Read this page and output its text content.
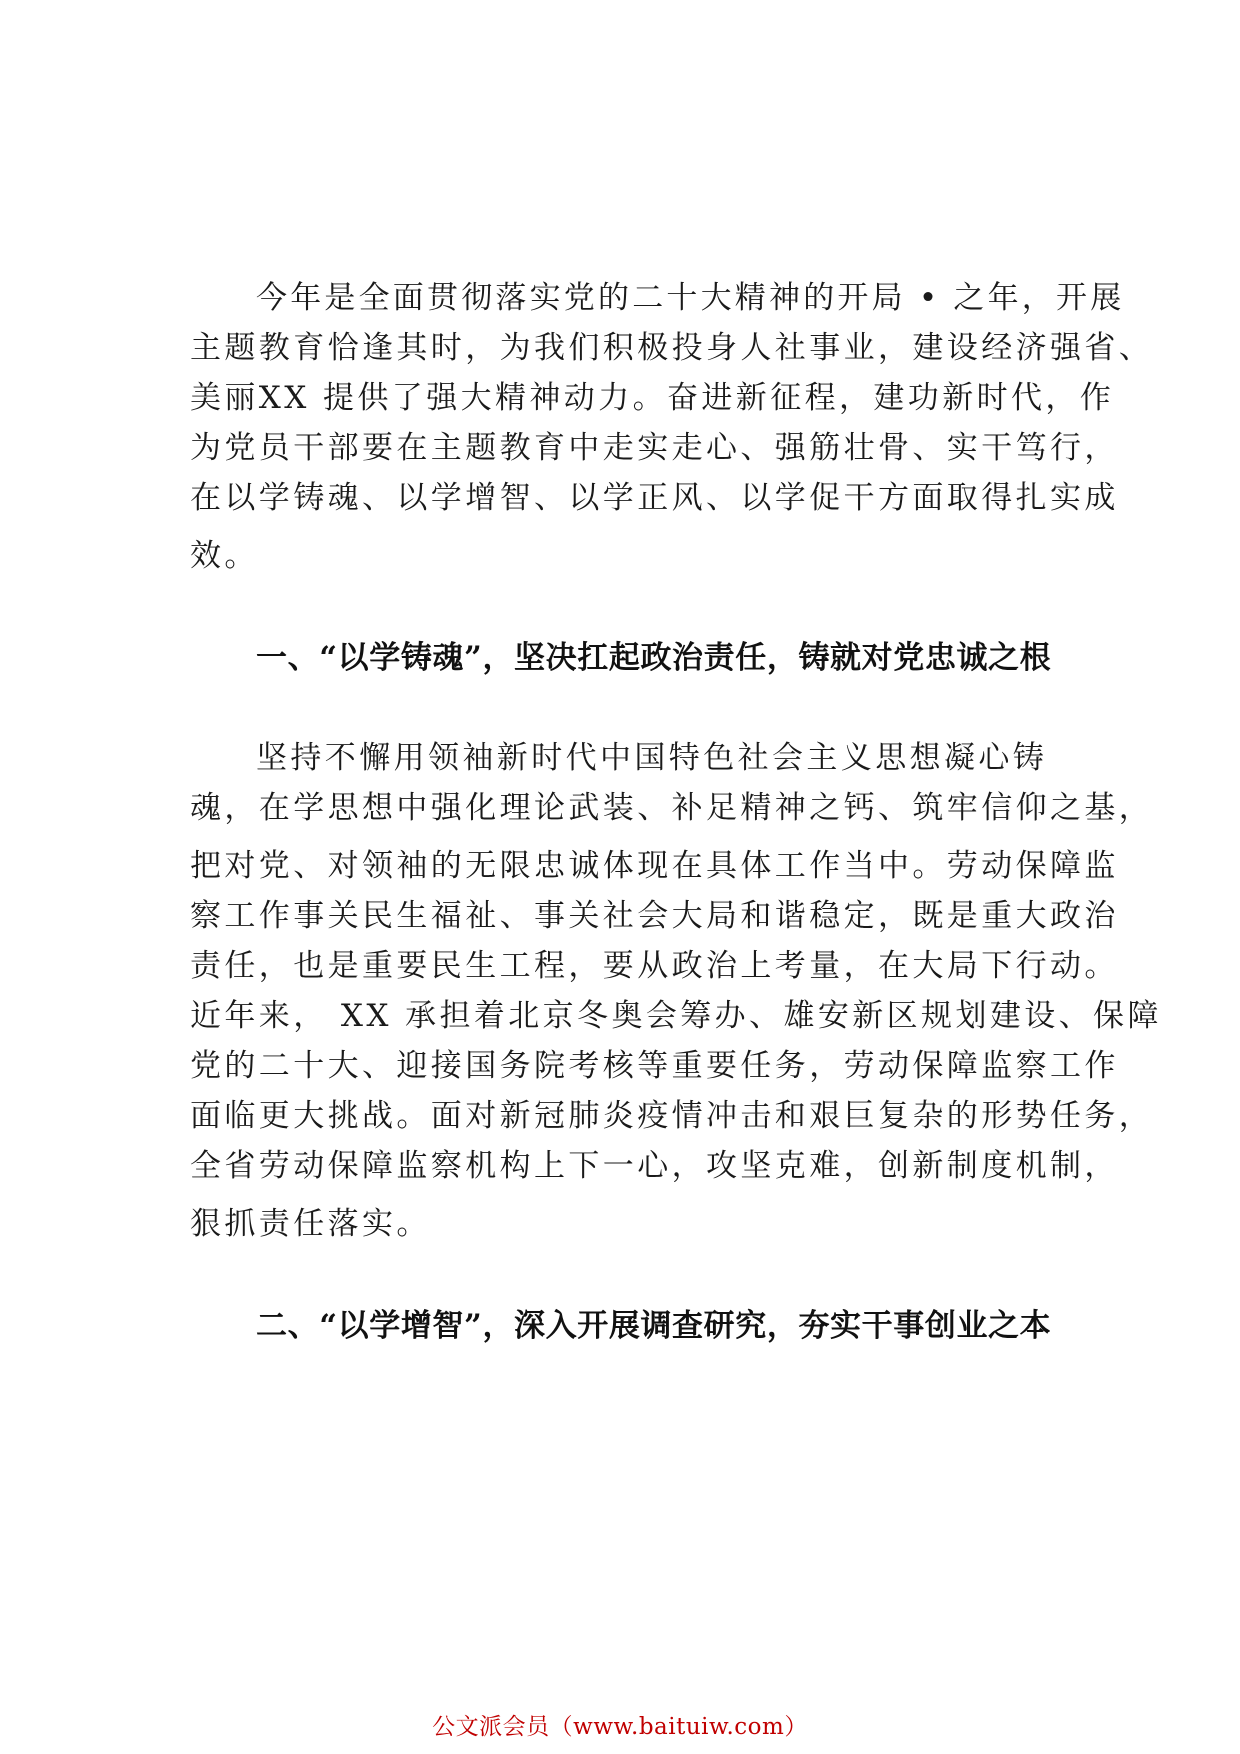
今年是全面贯彻落实党的二十大精神的开局 • 之年，开展
主题教育恰逢其时，为我们积极投身人社事业，建设经济强省、
美丽XX 提供了强大精神动力。奋进新征程，建功新时代，作
为党员干部要在主题教育中走实走心、强筋壮骨、实干笃行，
在以学铸魂、以学增智、以学正风、以学促干方面取得扎实成
效。
一、“以学铸魂”，坚决扛起政治责任，铸就对党忠诚之根
坚持不懈用领袖新时代中国特色社会主义思想凝心铸
魂，在学思想中强化理论武装、补足精神之钙、筑牢信仰之基，
把对党、对领袖的无限忠诚体现在具体工作当中。劳动保障监
察工作事关民生福祉、事关社会大局和谐稳定，既是重大政治
责任，也是重要民生工程，要从政治上考量，在大局下行动。
近年来， XX 承担着北京冬奥会筹办、雄安新区规划建设、保障
党的二十大、迎接国务院考核等重要任务，劳动保障监察工作
面临更大挑战。面对新冠肺炎疫情冲击和艰巨复杂的形势任务，
全省劳动保障监察机构上下一心，攻坚克难，创新制度机制，
狠抓责任落实。
二、“以学增智”，深入开展调查研究，夯实干事创业之本
公文派会员（www.baituiw.com）
